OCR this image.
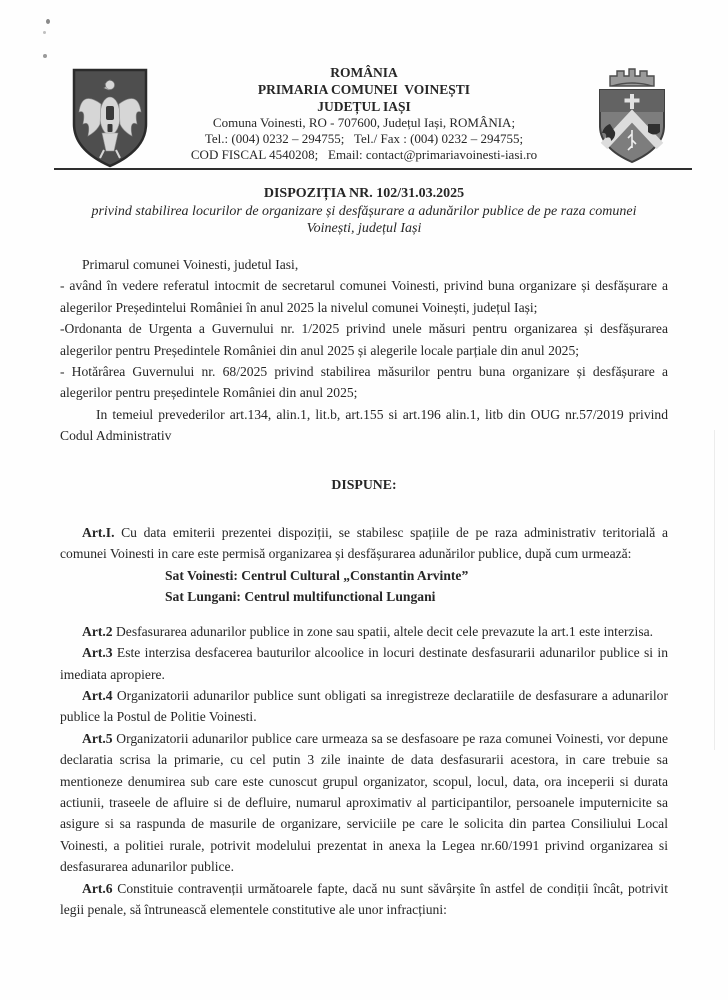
ROMÂNIA
PRIMARIA COMUNEI  VOINEȘTI
JUDEȚUL IAȘI
Comuna Voinesti, RO - 707600, Județul Iași, ROMÂNIA;
Tel.: (004) 0232 – 294755;   Tel./ Fax : (004) 0232 – 294755;
COD FISCAL 4540208;   Email: contact@primariavoinesti-iasi.ro
DISPOZIȚIA NR. 102/31.03.2025
privind stabilirea locurilor de organizare și desfășurare a adunărilor publice de pe raza comunei Voinești, județul Iași

Primarul comunei Voinesti, judetul Iasi,

- având în vedere referatul intocmit de secretarul comunei Voinesti, privind buna organizare și desfășurare a alegerilor Președintelui României în anul 2025 la nivelul comunei Voinești, județul Iași;

-Ordonanta de Urgenta a Guvernului nr. 1/2025 privind unele măsuri pentru organizarea și desfășurarea alegerilor pentru Președintele României din anul 2025 și alegerile locale parțiale din anul 2025;

- Hotărârea Guvernului nr. 68/2025 privind stabilirea măsurilor pentru buna organizare și desfășurare a alegerilor pentru președintele României din anul 2025;

In temeiul prevederilor art.134, alin.1, lit.b, art.155 si art.196 alin.1, litb din OUG nr.57/2019 privind Codul Administrativ

DISPUNE:

Art.I. Cu data emiterii prezentei dispoziții, se stabilesc spațiile de pe raza administrativ teritorială a comunei Voinesti in care este permisă organizarea și desfășurarea adunărilor publice, după cum urmează:

Sat Voinesti: Centrul Cultural „Constantin Arvinte”
Sat Lungani: Centrul multifunctional Lungani

Art.2 Desfasurarea adunarilor publice in zone sau spatii, altele decit cele prevazute la art.1 este interzisa.

Art.3 Este interzisa desfacerea bauturilor alcoolice in locuri destinate desfasurarii adunarilor publice si in imediata apropiere.

Art.4 Organizatorii adunarilor publice sunt obligati sa inregistreze declaratiile de desfasurare a adunarilor publice la Postul de Politie Voinesti.

Art.5 Organizatorii adunarilor publice care urmeaza sa se desfasoare pe raza comunei Voinesti, vor depune declaratia scrisa la primarie, cu cel putin 3 zile inainte de data desfasurarii acestora, in care trebuie sa mentioneze denumirea sub care este cunoscut grupul organizator, scopul, locul, data, ora inceperii si durata actiunii, traseele de afluire si de defluire, numarul aproximativ al participantilor, persoanele imputernicite sa asigure si sa raspunda de masurile de organizare, serviciile pe care le solicita din partea Consiliului Local Voinesti, a politiei rurale, potrivit modelului prezentat in anexa la Legea nr.60/1991 privind organizarea si desfasurarea adunarilor publice.

Art.6 Constituie contravenții următoarele fapte, dacă nu sunt săvârșite în astfel de condiții încât, potrivit legii penale, să întrunească elementele constitutive ale unor infracțiuni:
